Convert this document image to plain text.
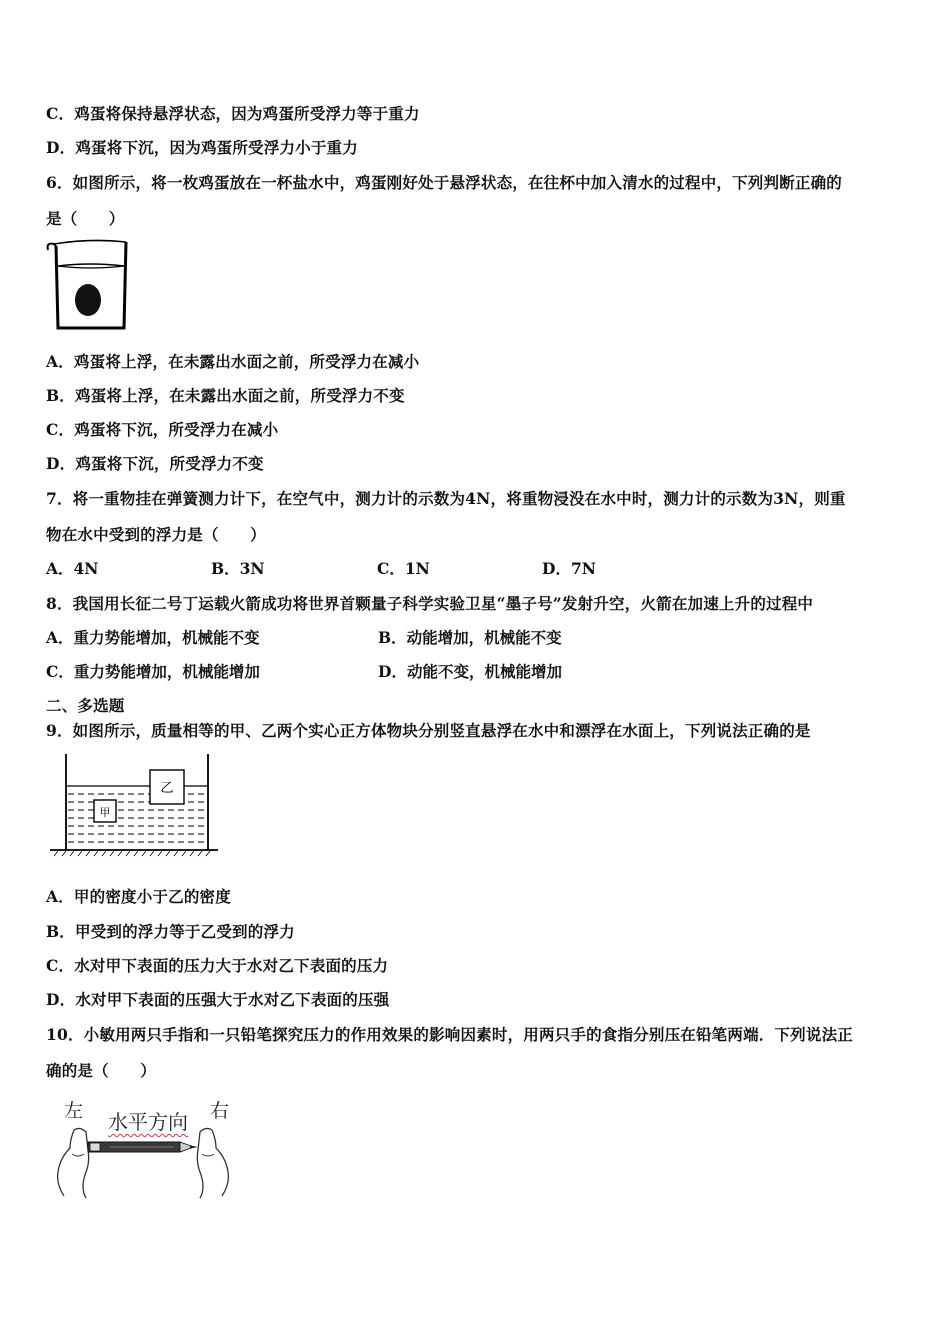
C．鸡蛋将保持悬浮状态，因为鸡蛋所受浮力等于重力
D．鸡蛋将下沉，因为鸡蛋所受浮力小于重力
6．如图所示，将一枚鸡蛋放在一杯盐水中，鸡蛋刚好处于悬浮状态，在往杯中加入清水的过程中，下列判断正确的
是（　　）
A．鸡蛋将上浮，在未露出水面之前，所受浮力在减小
B．鸡蛋将上浮，在未露出水面之前，所受浮力不变
C．鸡蛋将下沉，所受浮力在减小
D．鸡蛋将下沉，所受浮力不变
7．将一重物挂在弹簧测力计下，在空气中，测力计的示数为4N，将重物浸没在水中时，测力计的示数为3N，则重
物在水中受到的浮力是（　　）
A．4N	B．3N	C．1N	D．7N
8．我国用长征二号丁运载火箭成功将世界首颗量子科学实验卫星“墨子号”发射升空，火箭在加速上升的过程中
A．重力势能增加，机械能不变	B．动能增加，机械能不变
C．重力势能增加，机械能增加	D．动能不变，机械能增加
二、多选题
9．如图所示，质量相等的甲、乙两个实心正方体物块分别竖直悬浮在水中和漂浮在水面上，下列说法正确的是
乙
甲
A．甲的密度小于乙的密度
B．甲受到的浮力等于乙受到的浮力
C．水对甲下表面的压力大于水对乙下表面的压力
D．水对甲下表面的压强大于水对乙下表面的压强
10．小敏用两只手指和一只铅笔探究压力的作用效果的影响因素时，用两只手的食指分别压在铅笔两端．下列说法正
确的是（　　）
左	右
水平方向
